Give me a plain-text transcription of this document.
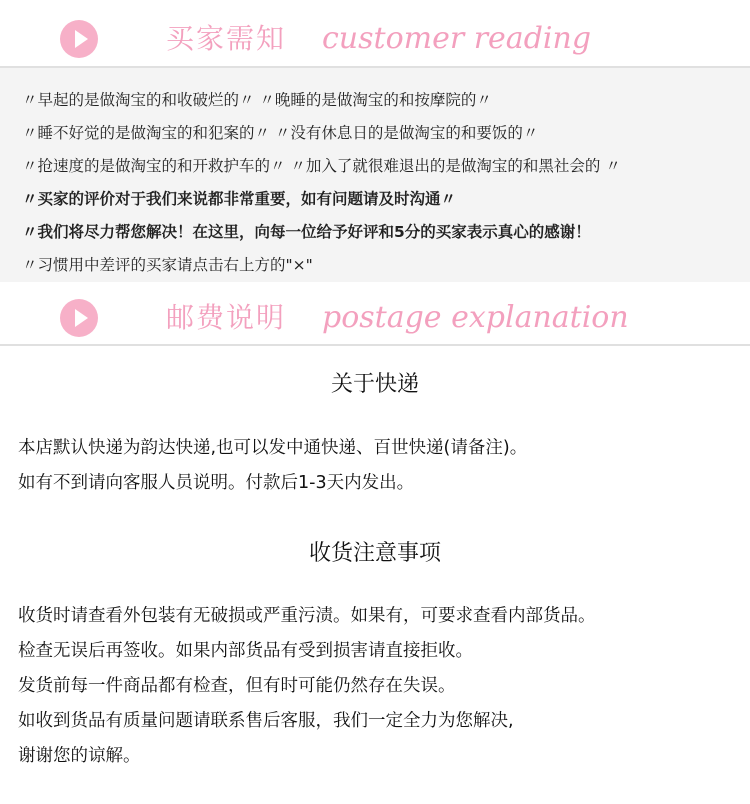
买家需知 customer reading
〃早起的是做淘宝的和收破烂的〃 〃晚睡的是做淘宝的和按摩院的〃
〃睡不好觉的是做淘宝的和犯案的〃 〃没有休息日的是做淘宝的和要饭的〃
〃抢速度的是做淘宝的和开救护车的〃 〃加入了就很难退出的是做淘宝的和黑社会的 〃
〃买家的评价对于我们来说都非常重要，如有问题请及时沟通〃
〃我们将尽力帮您解决！在这里，向每一位给予好评和5分的买家表示真心的感谢！
〃习惯用中差评的买家请点击右上方的"×"
邮费说明 postage explanation
关于快递
本店默认快递为韵达快递,也可以发中通快递、百世快递(请备注)。
如有不到请向客服人员说明。付款后1-3天内发出。
收货注意事项
收货时请查看外包装有无破损或严重污渍。如果有，可要求查看内部货品。
检查无误后再签收。如果内部货品有受到损害请直接拒收。
发货前每一件商品都有检查，但有时可能仍然存在失误。
如收到货品有质量问题请联系售后客服，我们一定全力为您解决,
谢谢您的谅解。
